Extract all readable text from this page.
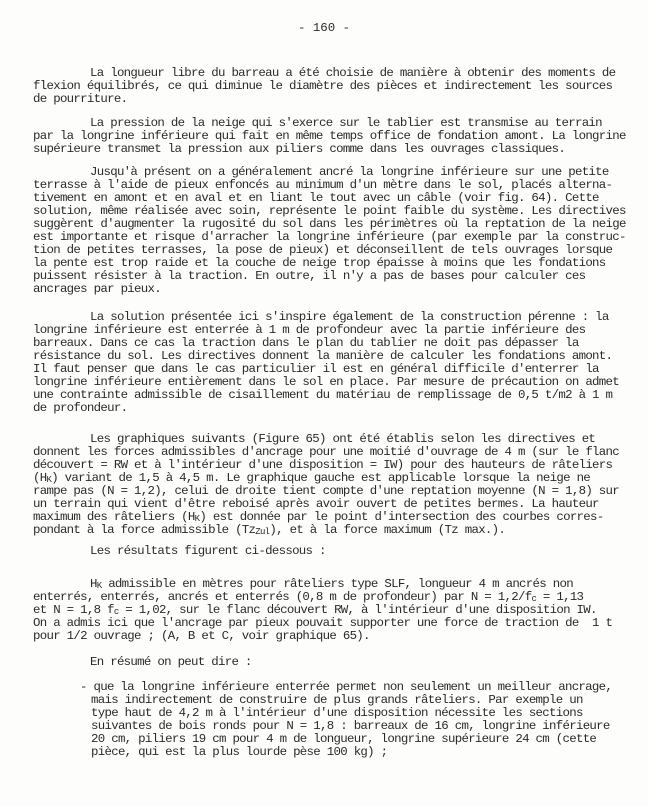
- 160 -
La longueur libre du barreau a été choisie de manière à obtenir des moments de
flexion équilibrés, ce qui diminue le diamètre des pièces et indirectement les sources
de pourriture.
La pression de la neige qui s'exerce sur le tablier est transmise au terrain
par la longrine inférieure qui fait en même temps office de fondation amont. La longrine
supérieure transmet la pression aux piliers comme dans les ouvrages classiques.
Jusqu'à présent on a généralement ancré la longrine inférieure sur une petite
terrasse à l'aide de pieux enfoncés au minimum d'un mètre dans le sol, placés alterna-
tivement en amont et en aval et en liant le tout avec un câble (voir fig. 64). Cette
solution, même réalisée avec soin, représente le point faible du système. Les directives
suggèrent d'augmenter la rugosité du sol dans les périmètres où la reptation de la neige
est importante et risque d'arracher la longrine inférieure (par exemple par la construc-
tion de petites terrasses, la pose de pieux) et déconseillent de tels ouvrages lorsque
la pente est trop raide et la couche de neige trop épaisse à moins que les fondations
puissent résister à la traction. En outre, il n'y a pas de bases pour calculer ces
ancrages par pieux.
La solution présentée ici s'inspire également de la construction pérenne : la
longrine inférieure est enterrée à 1 m de profondeur avec la partie inférieure des
barreaux. Dans ce cas la traction dans le plan du tablier ne doit pas dépasser la
résistance du sol. Les directives donnent la manière de calculer les fondations amont.
Il faut penser que dans le cas particulier il est en général difficile d'enterrer la
longrine inférieure entièrement dans le sol en place. Par mesure de précaution on admet
une contrainte admissible de cisaillement du matériau de remplissage de 0,5 t/m2 à 1 m
de profondeur.
Les graphiques suivants (Figure 65) ont été établis selon les directives et
donnent les forces admissibles d'ancrage pour une moitié d'ouvrage de 4 m (sur le flanc
découvert = RW et à l'intérieur d'une disposition = IW) pour des hauteurs de râteliers
$(H_K)$ variant de 1,5 à 4,5 m. Le graphique gauche est applicable lorsque la neige ne
rampe pas (N = 1,2), celui de droite tient compte d'une reptation moyenne (N = 1,8) sur
un terrain qui vient d'être reboisé après avoir ouvert de petites bermes. La hauteur
maximum des râteliers $(H_K)$ est donnée par le point d'intersection des courbes corres-
pondant à la force admissible $(Tz_{Zul})$, et à la force maximum (Tz max.).
Les résultats figurent ci-dessous :
$H_K$ admissible en mètres pour râteliers type SLF, longueur 4 m ancrés non
enterrés, enterrés, ancrés et enterrés (0,8 m de profondeur) par $N = 1,2/f_c = 1,13$
et N = 1,8 $f_c = 1,02$, sur le flanc découvert RW, à l'intérieur d'une disposition IW.
On a admis ici que l'ancrage par pieux pouvait supporter une force de traction de  1 t
pour 1/2 ouvrage ; (A, B et C, voir graphique 65).
En résumé on peut dire :
- que la longrine inférieure enterrée permet non seulement un meilleur ancrage,
mais indirectement de construire de plus grands râteliers. Par exemple un
type haut de 4,2 m à l'intérieur d'une disposition nécessite les sections
suivantes de bois ronds pour N = 1,8 : barreaux de 16 cm, longrine inférieure
20 cm, piliers 19 cm pour 4 m de longueur, longrine supérieure 24 cm (cette
pièce, qui est la plus lourde pèse 100 kg) ;
